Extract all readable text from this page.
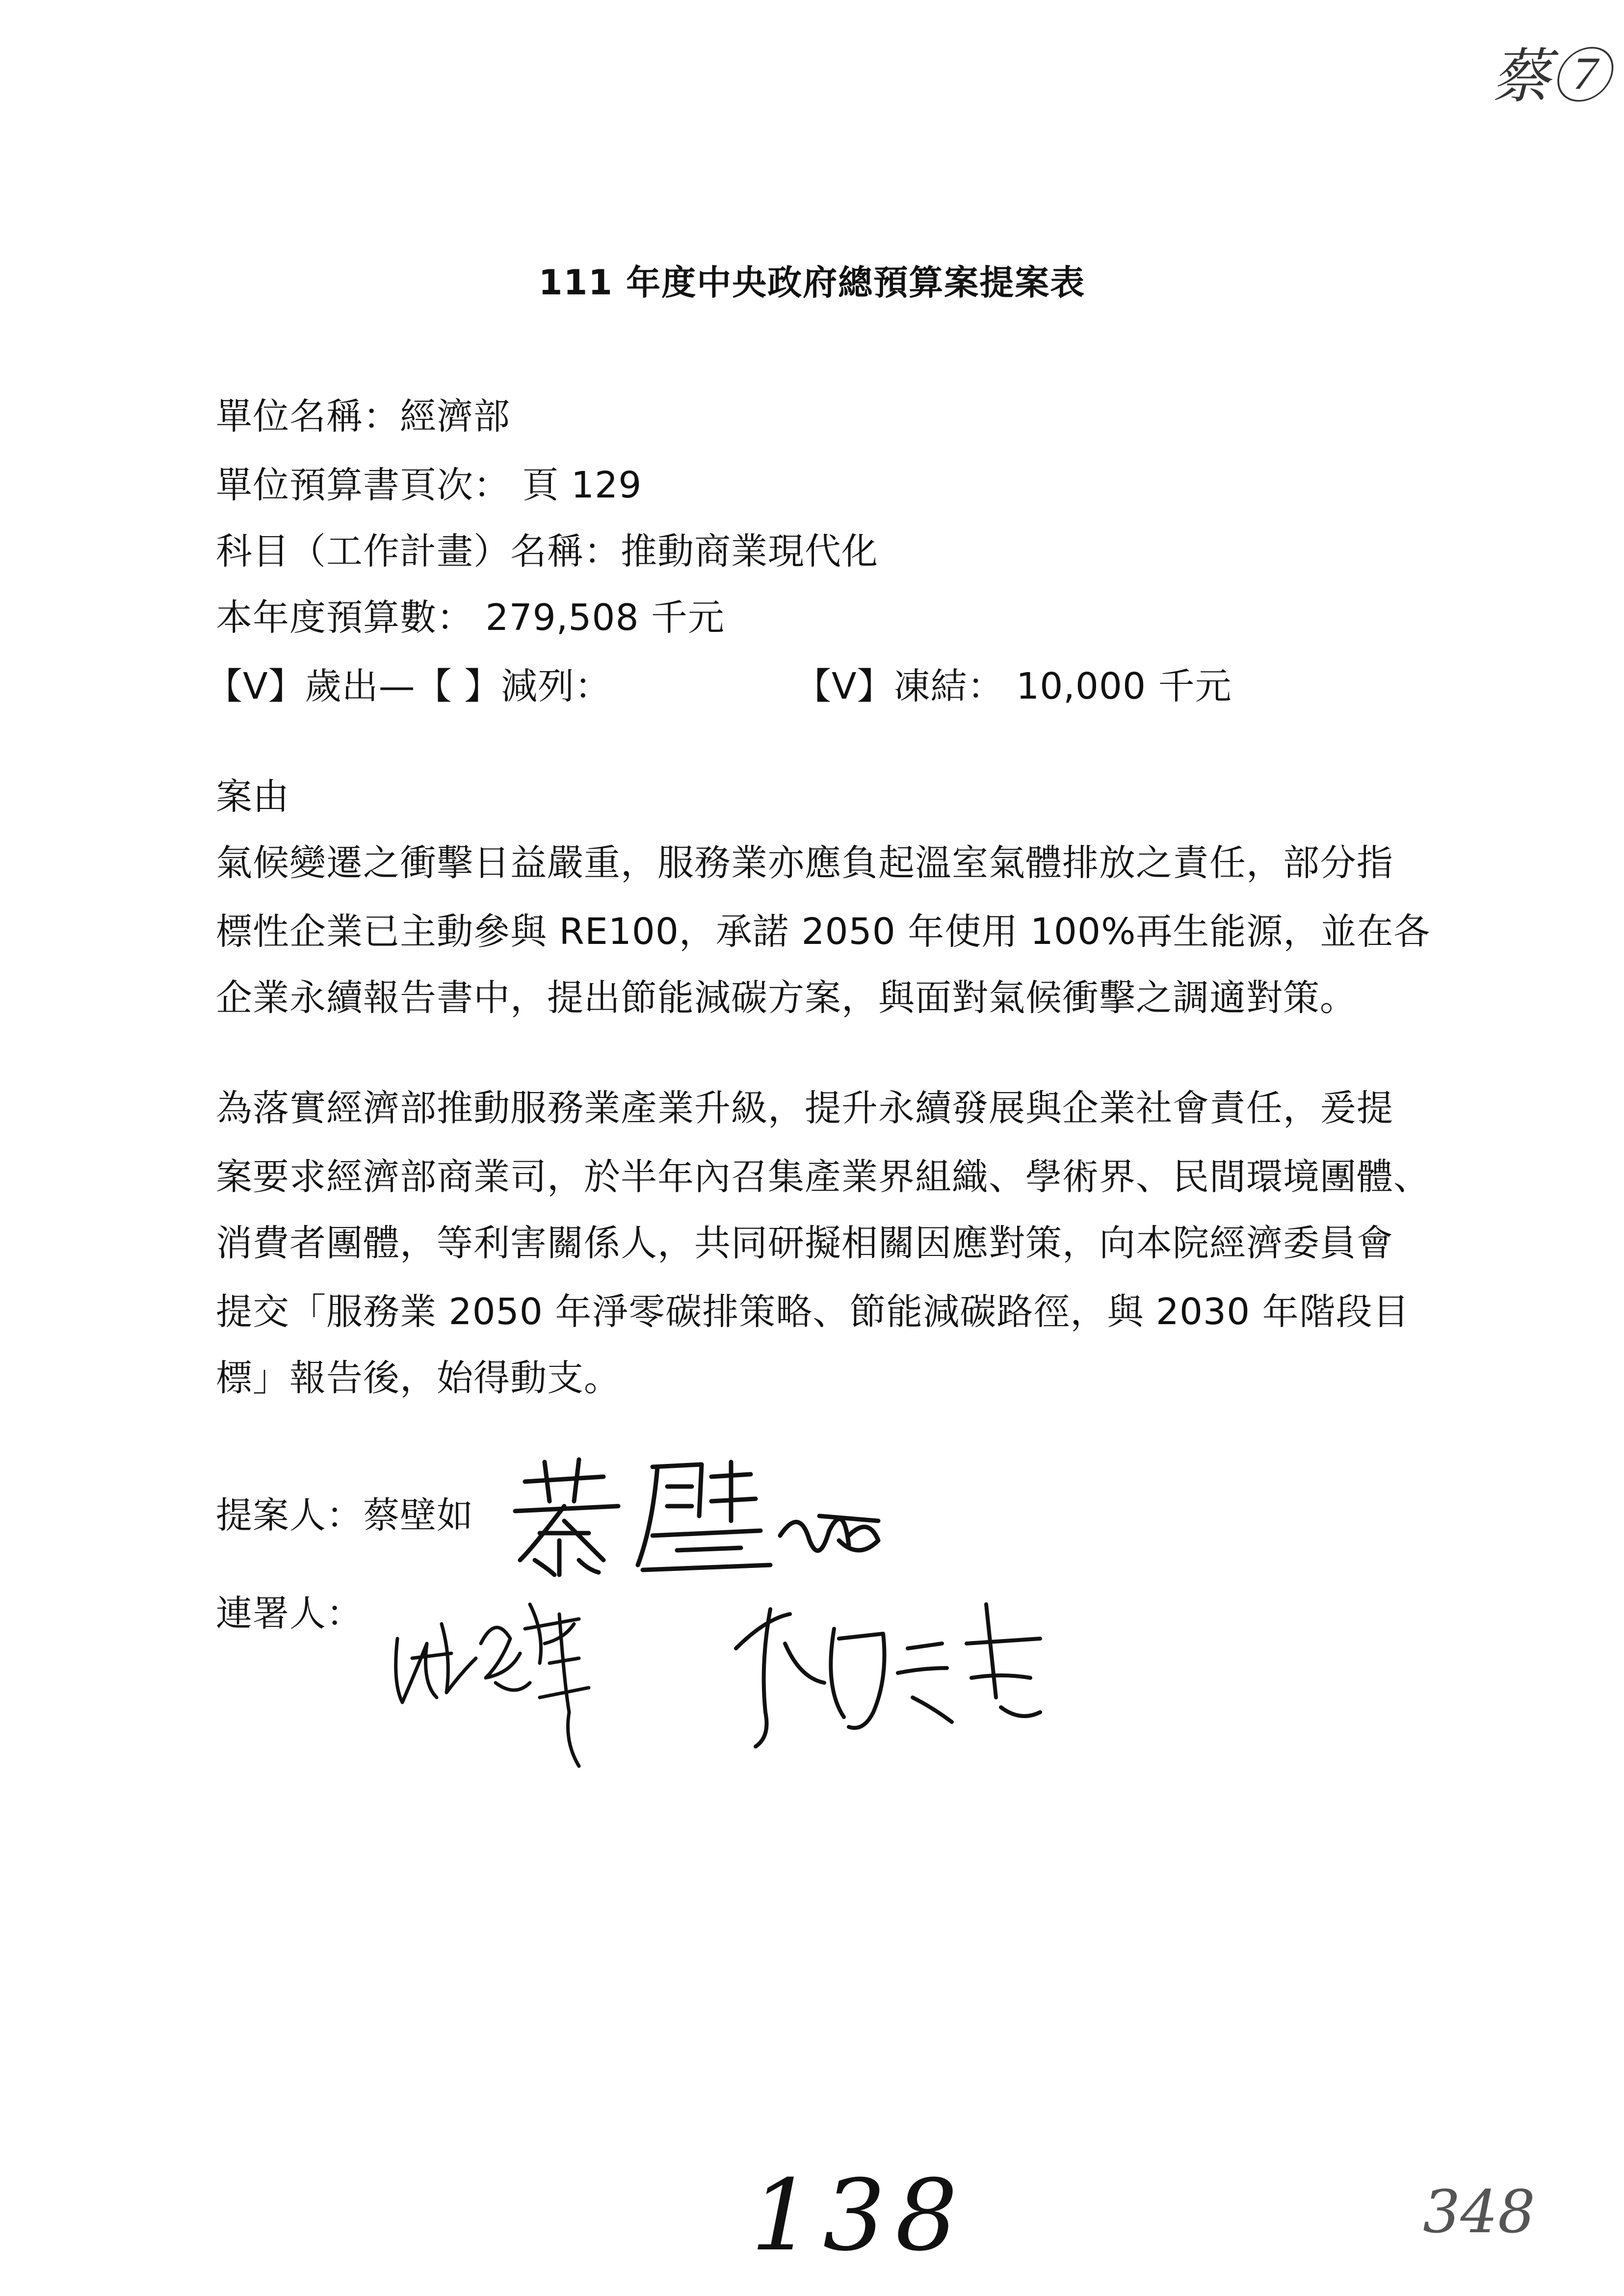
蔡⑦
111 年度中央政府總預算案提案表
單位名稱：經濟部
單位預算書頁次： 頁 129
科目（工作計畫）名稱：推動商業現代化
本年度預算數： 279,508 千元
【V】歲出—【 】減列：	【V】凍結： 10,000 千元
案由
氣候變遷之衝擊日益嚴重，服務業亦應負起溫室氣體排放之責任，部分指
標性企業已主動參與 RE100，承諾 2050 年使用 100%再生能源，並在各
企業永續報告書中，提出節能減碳方案，與面對氣候衝擊之調適對策。
為落實經濟部推動服務業產業升級，提升永續發展與企業社會責任，爰提
案要求經濟部商業司，於半年內召集產業界組織、學術界、民間環境團體、
消費者團體，等利害關係人，共同研擬相關因應對策，向本院經濟委員會
提交「服務業 2050 年淨零碳排策略、節能減碳路徑，與 2030 年階段目
標」報告後，始得動支。
提案人：蔡壁如
連署人：
138	348
